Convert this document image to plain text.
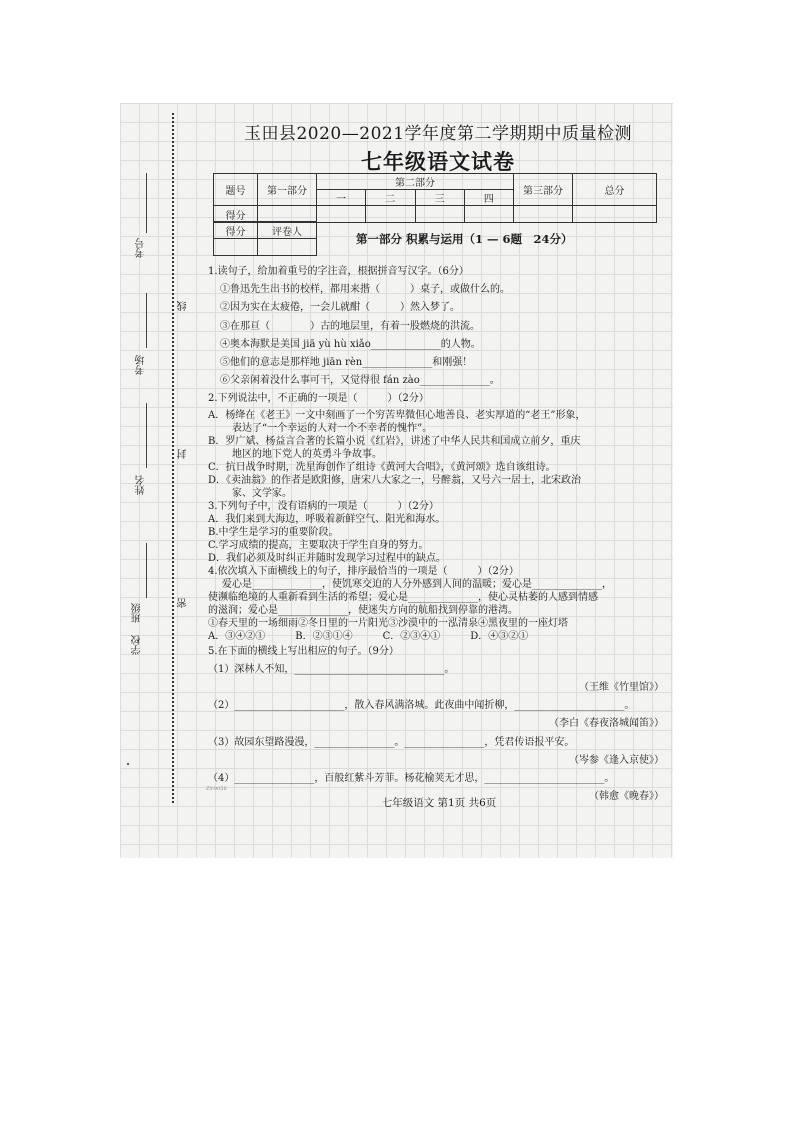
考号
考场
姓名
班级
学校
线
封
密
玉田县2020—2021学年度第二学期期中质量检测
七年级语文试卷
题号	第一部分	第二部分				第三部分	总分
		一	二	三	四		
得分							
得分	评卷人
		第一部分 积累与运用（1 — 6题　24分）

1.读句子，给加着重号的字注音，根据拼音写汉字。（6分）

①鲁迅先生出书的校样，都用来揩（　　　）桌子，或做什么的。

②因为实在太疲倦，一会儿就酣（　　　）然入梦了。

③在那亘（　　　　）古的地层里，有着一股燃烧的洪流。

④奥本海默是美国 jiā yù hù xiǎo______________的人物。

⑤他们的意志是那样地 jiān rèn______________和刚强！

⑥父亲闲着没什么事可干，又觉得很 fán zào______________。

2.下列说法中，不正确的一项是（　　　）（2分）

A．杨绛在《老王》一文中刻画了一个穷苦卑微但心地善良、老实厚道的“老王”形象，

表达了“一个幸运的人对一个不幸者的愧怍”。

B．罗广斌、杨益言合著的长篇小说《红岩》，讲述了中华人民共和国成立前夕，重庆

地区的地下党人的英勇斗争故事。

C．抗日战争时期，冼星海创作了组诗《黄河大合唱》，《黄河颂》选自该组诗。

D．《卖油翁》的作者是欧阳修，唐宋八大家之一，号醉翁，又号六一居士，北宋政治

家、文学家。

3.下列句子中，没有语病的一项是（　　　）（2分）

A．我们来到大海边，呼吸着新鲜空气、阳光和海水。

B.中学生是学习的重要阶段。

C.学习成绩的提高，主要取决于学生自身的努力。

D．我们必须及时纠正并随时发现学习过程中的缺点。

4.依次填入下面横线上的句子，排序最恰当的一项是（　　　）（2分）

爱心是______________，使饥寒交迫的人分外感到人间的温暖；爱心是______________，

使濒临绝境的人重新看到生活的希望；爱心是______________，使心灵枯萎的人感到情感

的滋润；爱心是______________，使迷失方向的航船找到停靠的港湾。

①春天里的一场细雨②冬日里的一片阳光③沙漠中的一泓清泉④黑夜里的一座灯塔

A．③④②①　　　B．②③①④　　　C．②③④①　　　D．④③②①

5.在下面的横线上写出相应的句子。（9分）

（1）深林人不知，______________________________。

（王维《竹里馆》）

（2）______________________，散入春风满洛城。此夜曲中闻折柳，______________________。

（李白《春夜洛城闻笛》）

（3）故园东望路漫漫，________________。________________，凭君传语报平安。

（岑参《逢入京使》）

（4）________________，百般红紫斗芳菲。杨花榆荚无才思，________________________。

（韩愈《晚春》）

ZY-0056
七年级语文 第1页 共6页
